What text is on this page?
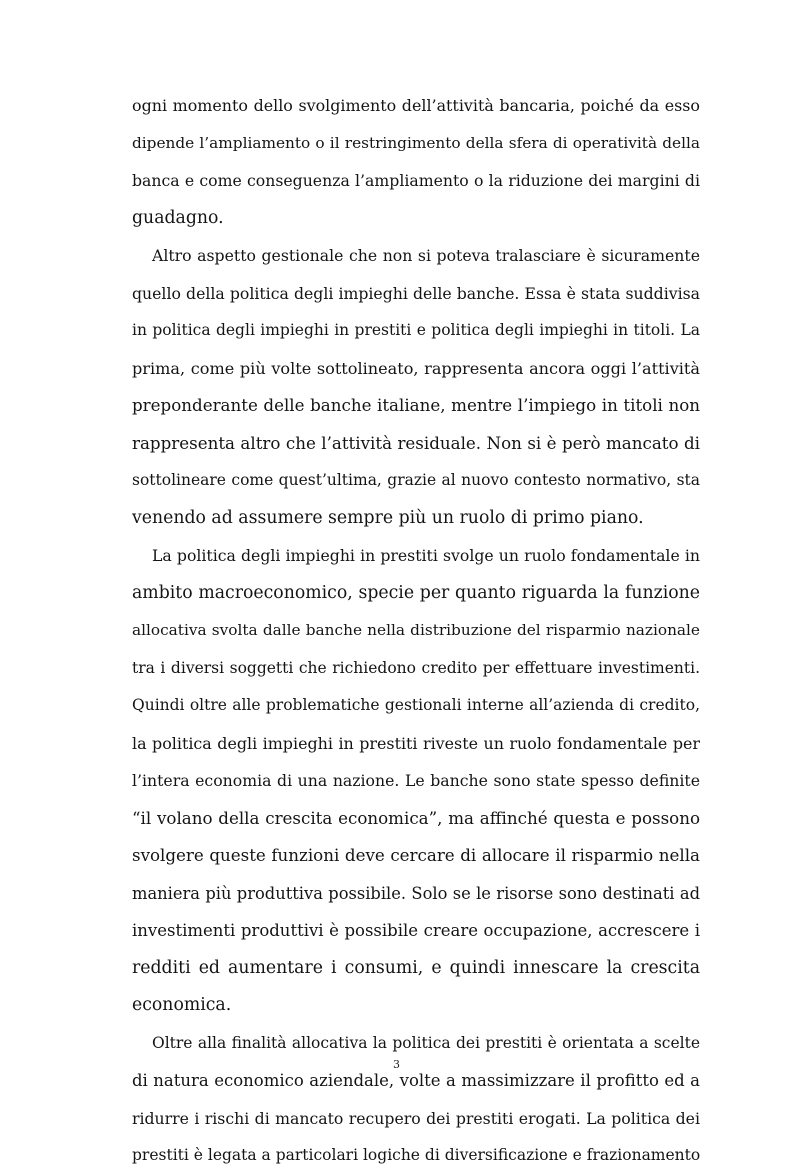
ogni momento dello svolgimento dell’attività bancaria, poiché da esso
dipende l’ampliamento o il restringimento della sfera di operatività della
banca e come conseguenza l’ampliamento o la riduzione dei margini di
guadagno.
Altro aspetto gestionale che non si poteva tralasciare è sicuramente
quello della politica degli impieghi delle banche. Essa è stata suddivisa
in politica degli impieghi in prestiti e politica degli impieghi in titoli. La
prima, come più volte sottolineato, rappresenta ancora oggi l’attività
preponderante delle banche italiane, mentre l’impiego in titoli non
rappresenta altro che l’attività residuale. Non si è però mancato di
sottolineare come quest’ultima, grazie al nuovo contesto normativo, sta
venendo ad assumere sempre più un ruolo di primo piano.
La politica degli impieghi in prestiti svolge un ruolo fondamentale in
ambito macroeconomico, specie per quanto riguarda la funzione
allocativa svolta dalle banche nella distribuzione del risparmio nazionale
tra i diversi soggetti che richiedono credito per effettuare investimenti.
Quindi oltre alle problematiche gestionali interne all’azienda di credito,
la politica degli impieghi in prestiti riveste un ruolo fondamentale per
l’intera economia di una nazione. Le banche sono state spesso definite
“il volano della crescita economica”, ma affinché questa e possono
svolgere queste funzioni deve cercare di allocare il risparmio nella
maniera più produttiva possibile. Solo se le risorse sono destinati ad
investimenti produttivi è possibile creare occupazione, accrescere i
redditi ed aumentare i consumi, e quindi innescare la crescita
economica.
Oltre alla finalità allocativa la politica dei prestiti è orientata a scelte
di natura economico aziendale, volte a massimizzare il profitto ed a
ridurre i rischi di mancato recupero dei prestiti erogati. La politica dei
prestiti è legata a particolari logiche di diversificazione e frazionamento
3
